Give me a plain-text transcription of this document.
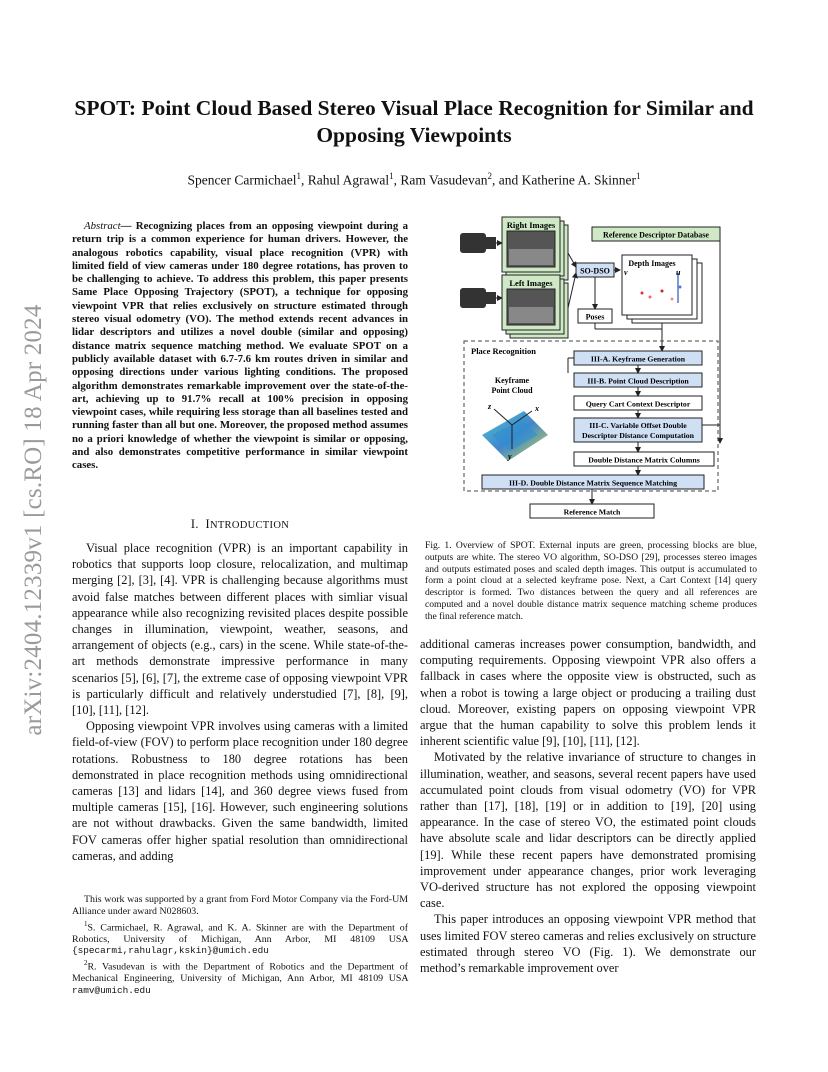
arXiv:2404.12339v1 [cs.RO] 18 Apr 2024
SPOT: Point Cloud Based Stereo Visual Place Recognition for Similar and Opposing Viewpoints
Spencer Carmichael$^1$, Rahul Agrawal$^1$, Ram Vasudevan$^2$, and Katherine A. Skinner$^1$
Abstract— Recognizing places from an opposing viewpoint during a return trip is a common experience for human drivers. However, the analogous robotics capability, visual place recognition (VPR) with limited field of view cameras under 180 degree rotations, has proven to be challenging to achieve. To address this problem, this paper presents Same Place Opposing Trajectory (SPOT), a technique for opposing viewpoint VPR that relies exclusively on structure estimated through stereo visual odometry (VO). The method extends recent advances in lidar descriptors and utilizes a novel double (similar and opposing) distance matrix sequence matching method. We evaluate SPOT on a publicly available dataset with 6.7-7.6 km routes driven in similar and opposing directions under various lighting conditions. The proposed algorithm demonstrates remarkable improvement over the state-of-the-art, achieving up to 91.7% recall at 100% precision in opposing viewpoint cases, while requiring less storage than all baselines tested and running faster than all but one. Moreover, the proposed method assumes no a priori knowledge of whether the viewpoint is similar or opposing, and also demonstrates competitive performance in similar viewpoint cases.
I. INTRODUCTION

Visual place recognition (VPR) is an important capability in robotics that supports loop closure, relocalization, and multimap merging [2], [3], [4]. VPR is challenging because algorithms must avoid false matches between different places with simliar visual appearance while also recognizing revisited places despite possible changes in illumination, viewpoint, weather, seasons, and arrangement of objects (e.g., cars) in the scene. While state-of-the-art methods demonstrate impressive performance in many scenarios [5], [6], [7], the extreme case of opposing viewpoint VPR is particularly difficult and relatively understudied [7], [8], [9], [10], [11], [12].

Opposing viewpoint VPR involves using cameras with a limited field-of-view (FOV) to perform place recognition under 180 degree rotations. Robustness to 180 degree rotations has been demonstrated in place recognition methods using omnidirectional cameras [13] and lidars [14], and 360 degree views fused from multiple cameras [15], [16]. However, such engineering solutions are not without drawbacks. Given the same bandwidth, limited FOV cameras offer higher spatial resolution than omnidirectional cameras, and adding

This work was supported by a grant from Ford Motor Company via the Ford-UM Alliance under award N028603.

$^1$S. Carmichael, R. Agrawal, and K. A. Skinner are with the Department of Robotics, University of Michigan, Ann Arbor, MI 48109 USA {specarmi,rahulagr,kskin}@umich.edu

$^2$R. Vasudevan is with the Department of Robotics and the Department of Mechanical Engineering, University of Michigan, Ann Arbor, MI 48109 USA ramv@umich.edu

Right Images
Left Images
Reference Descriptor Database
SO-DSO
Depth Images
u
v
Poses
Place Recognition
III-A. Keyframe Generation
III-B. Point Cloud Description
Query Cart Context Descriptor
III-C. Variable Offset Double
Descriptor Distance Computation
Double Distance Matrix Columns
III-D. Double Distance Matrix Sequence Matching
Reference Match
Keyframe
Point Cloud
z	x
y
Fig. 1. Overview of SPOT. External inputs are green, processing blocks are blue, outputs are white. The stereo VO algorithm, SO-DSO [29], processes stereo images and outputs estimated poses and scaled depth images. This output is accumulated to form a point cloud at a selected keyframe pose. Next, a Cart Context [14] query descriptor is formed. Two distances between the query and all references are computed and a novel double distance matrix sequence matching scheme produces the final reference match.

additional cameras increases power consumption, bandwidth, and computing requirements. Opposing viewpoint VPR also offers a fallback in cases where the opposite view is obstructed, such as when a robot is towing a large object or producing a trailing dust cloud. Moreover, existing papers on opposing viewpoint VPR argue that the human capability to solve this problem lends it inherent scientific value [9], [10], [11], [12].

Motivated by the relative invariance of structure to changes in illumination, weather, and seasons, several recent papers have used accumulated point clouds from visual odometry (VO) for VPR rather than [17], [18], [19] or in addition to [19], [20] using appearance. In the case of stereo VO, the estimated point clouds have absolute scale and lidar descriptors can be directly applied [19]. While these recent papers have demonstrated promising improvement under appearance changes, prior work leveraging VO-derived structure has not explored the opposing viewpoint case.

This paper introduces an opposing viewpoint VPR method that uses limited FOV stereo cameras and relies exclusively on structure estimated through stereo VO (Fig. 1). We demonstrate our method’s remarkable improvement over
